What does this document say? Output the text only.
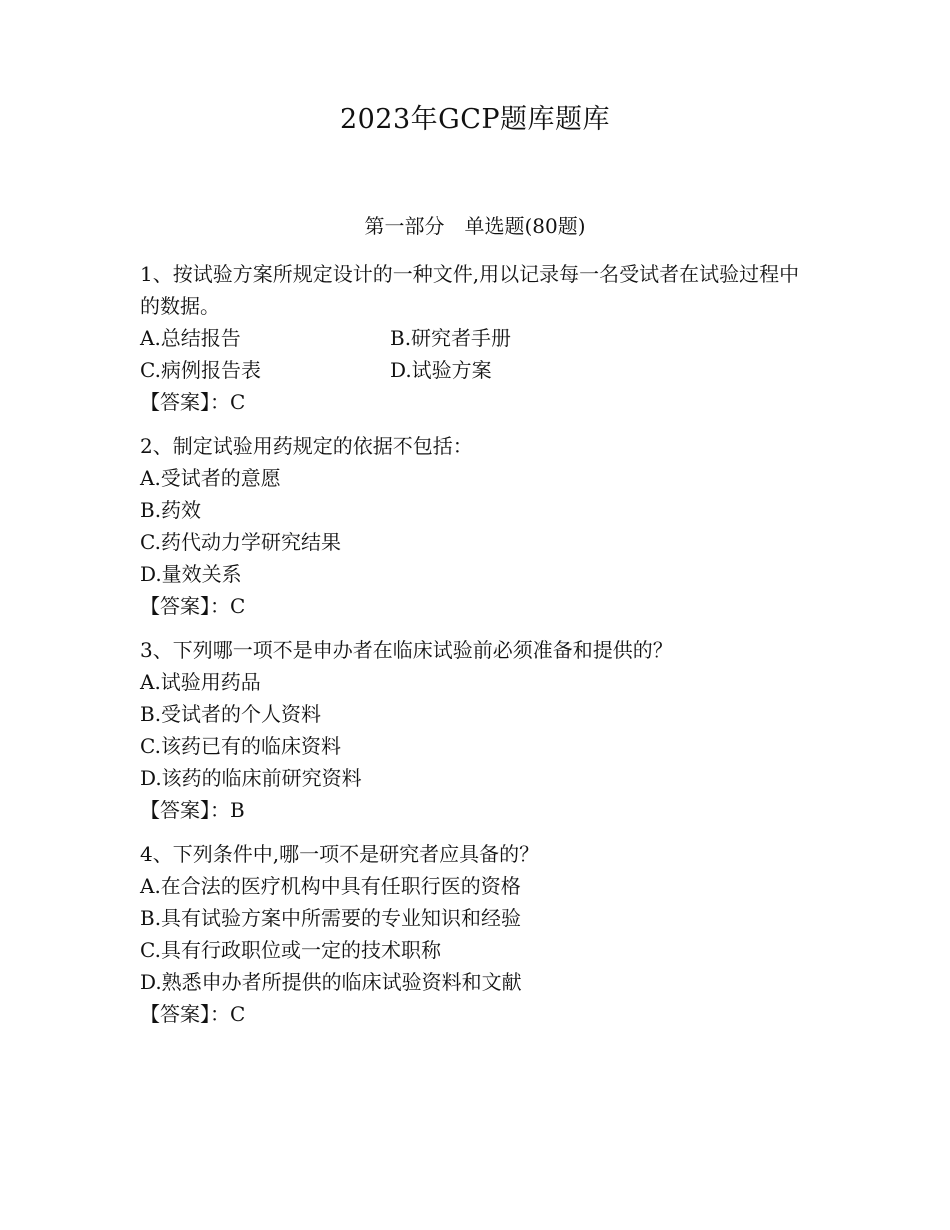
2023年GCP题库题库
第一部分　单选题(80题)
1、按试验方案所规定设计的一种文件,用以记录每一名受试者在试验过程中的数据。
A.总结报告	B.研究者手册
C.病例报告表	D.试验方案
【答案】：C
2、制定试验用药规定的依据不包括：
A.受试者的意愿
B.药效
C.药代动力学研究结果
D.量效关系
【答案】：C
3、下列哪一项不是申办者在临床试验前必须准备和提供的？
A.试验用药品
B.受试者的个人资料
C.该药已有的临床资料
D.该药的临床前研究资料
【答案】：B
4、下列条件中,哪一项不是研究者应具备的？
A.在合法的医疗机构中具有任职行医的资格
B.具有试验方案中所需要的专业知识和经验
C.具有行政职位或一定的技术职称
D.熟悉申办者所提供的临床试验资料和文献
【答案】：C
